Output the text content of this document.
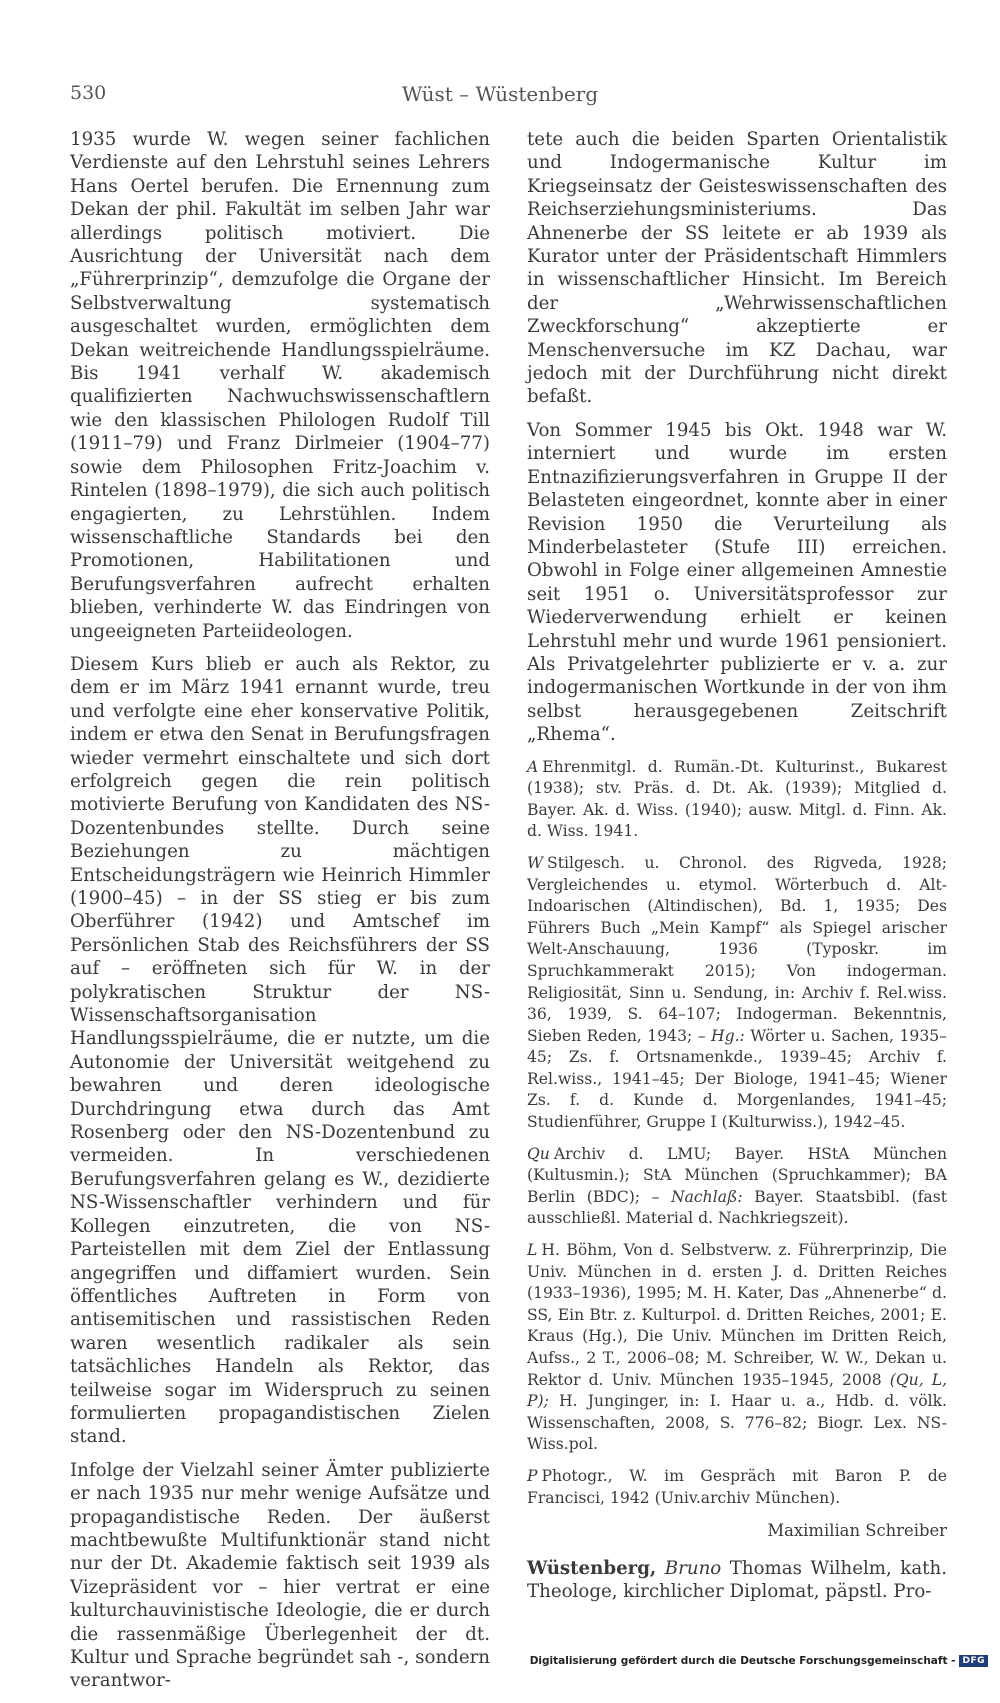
530	Wüst – Wüstenberg

1935 wurde W. wegen seiner fachlichen Verdienste auf den Lehrstuhl seines Lehrers Hans Oertel berufen. Die Ernennung zum Dekan der phil. Fakultät im selben Jahr war allerdings politisch motiviert. Die Ausrichtung der Universität nach dem „Führerprinzip“, demzufolge die Organe der Selbstverwaltung systematisch ausgeschaltet wurden, ermöglichten dem Dekan weitreichende Handlungsspielräume. Bis 1941 verhalf W. akademisch qualifizierten Nachwuchswissenschaftlern wie den klassischen Philologen Rudolf Till (1911–79) und Franz Dirlmeier (1904–77) sowie dem Philosophen Fritz-Joachim v. Rintelen (1898–1979), die sich auch politisch engagierten, zu Lehrstühlen. Indem wissenschaftliche Standards bei den Promotionen, Habilitationen und Berufungsverfahren aufrecht erhalten blieben, verhinderte W. das Eindringen von ungeeigneten Parteiideologen.

Diesem Kurs blieb er auch als Rektor, zu dem er im März 1941 ernannt wurde, treu und verfolgte eine eher konservative Politik, indem er etwa den Senat in Berufungsfragen wieder vermehrt einschaltete und sich dort erfolgreich gegen die rein politisch motivierte Berufung von Kandidaten des NS-Dozentenbundes stellte. Durch seine Beziehungen zu mächtigen Entscheidungsträgern wie Heinrich Himmler (1900–45) – in der SS stieg er bis zum Oberführer (1942) und Amtschef im Persönlichen Stab des Reichsführers der SS auf – eröffneten sich für W. in der polykratischen Struktur der NS-Wissenschaftsorganisation Handlungsspielräume, die er nutzte, um die Autonomie der Universität weitgehend zu bewahren und deren ideologische Durchdringung etwa durch das Amt Rosenberg oder den NS-Dozentenbund zu vermeiden. In verschiedenen Berufungsverfahren gelang es W., dezidierte NS-Wissenschaftler verhindern und für Kollegen einzutreten, die von NS-Parteistellen mit dem Ziel der Entlassung angegriffen und diffamiert wurden. Sein öffentliches Auftreten in Form von antisemitischen und rassistischen Reden waren wesentlich radikaler als sein tatsächliches Handeln als Rektor, das teilweise sogar im Widerspruch zu seinen formulierten propagandistischen Zielen stand.

Infolge der Vielzahl seiner Ämter publizierte er nach 1935 nur mehr wenige Aufsätze und propagandistische Reden. Der äußerst machtbewußte Multifunktionär stand nicht nur der Dt. Akademie faktisch seit 1939 als Vizepräsident vor – hier vertrat er eine kulturchauvinistische Ideologie, die er durch die rassenmäßige Überlegenheit der dt. Kultur und Sprache begründet sah -, sondern verantwor-

tete auch die beiden Sparten Orientalistik und Indogermanische Kultur im Kriegseinsatz der Geisteswissenschaften des Reichserziehungsministeriums. Das Ahnenerbe der SS leitete er ab 1939 als Kurator unter der Präsidentschaft Himmlers in wissenschaftlicher Hinsicht. Im Bereich der „Wehrwissenschaftlichen Zweckforschung“ akzeptierte er Menschenversuche im KZ Dachau, war jedoch mit der Durchführung nicht direkt befaßt.

Von Sommer 1945 bis Okt. 1948 war W. interniert und wurde im ersten Entnazifizierungsverfahren in Gruppe II der Belasteten eingeordnet, konnte aber in einer Revision 1950 die Verurteilung als Minderbelasteter (Stufe III) erreichen. Obwohl in Folge einer allgemeinen Amnestie seit 1951 o. Universitätsprofessor zur Wiederverwendung erhielt er keinen Lehrstuhl mehr und wurde 1961 pensioniert. Als Privatgelehrter publizierte er v. a. zur indogermanischen Wortkunde in der von ihm selbst herausgegebenen Zeitschrift „Rhema“.

A Ehrenmitgl. d. Rumän.-Dt. Kulturinst., Bukarest (1938); stv. Präs. d. Dt. Ak. (1939); Mitglied d. Bayer. Ak. d. Wiss. (1940); ausw. Mitgl. d. Finn. Ak. d. Wiss. 1941.
W Stilgesch. u. Chronol. des Rigveda, 1928; Vergleichendes u. etymol. Wörterbuch d. Alt-Indoarischen (Altindischen), Bd. 1, 1935; Des Führers Buch „Mein Kampf“ als Spiegel arischer Welt-Anschauung, 1936 (Typoskr. im Spruchkammerakt 2015); Von indogerman. Religiosität, Sinn u. Sendung, in: Archiv f. Rel.wiss. 36, 1939, S. 64–107; Indogerman. Bekenntnis, Sieben Reden, 1943; – Hg.: Wörter u. Sachen, 1935–45; Zs. f. Ortsnamenkde., 1939–45; Archiv f. Rel.wiss., 1941–45; Der Biologe, 1941–45; Wiener Zs. f. d. Kunde d. Morgenlandes, 1941–45; Studienführer, Gruppe I (Kulturwiss.), 1942–45.
Qu Archiv d. LMU; Bayer. HStA München (Kultusmin.); StA München (Spruchkammer); BA Berlin (BDC); – Nachlaß: Bayer. Staatsbibl. (fast ausschließl. Material d. Nachkriegszeit).
L H. Böhm, Von d. Selbstverw. z. Führerprinzip, Die Univ. München in d. ersten J. d. Dritten Reiches (1933–1936), 1995; M. H. Kater, Das „Ahnenerbe“ d. SS, Ein Btr. z. Kulturpol. d. Dritten Reiches, 2001; E. Kraus (Hg.), Die Univ. München im Dritten Reich, Aufss., 2 T., 2006–08; M. Schreiber, W. W., Dekan u. Rektor d. Univ. München 1935–1945, 2008 (Qu, L, P); H. Junginger, in: I. Haar u. a., Hdb. d. völk. Wissenschaften, 2008, S. 776–82; Biogr. Lex. NS-Wiss.pol.
P Photogr., W. im Gespräch mit Baron P. de Francisci, 1942 (Univ.archiv München).
Maximilian Schreiber

Wüstenberg, Bruno Thomas Wilhelm, kath. Theologe, kirchlicher Diplomat, päpstl. Pro-

Digitalisierung gefördert durch die Deutsche Forschungsgemeinschaft - DFG
